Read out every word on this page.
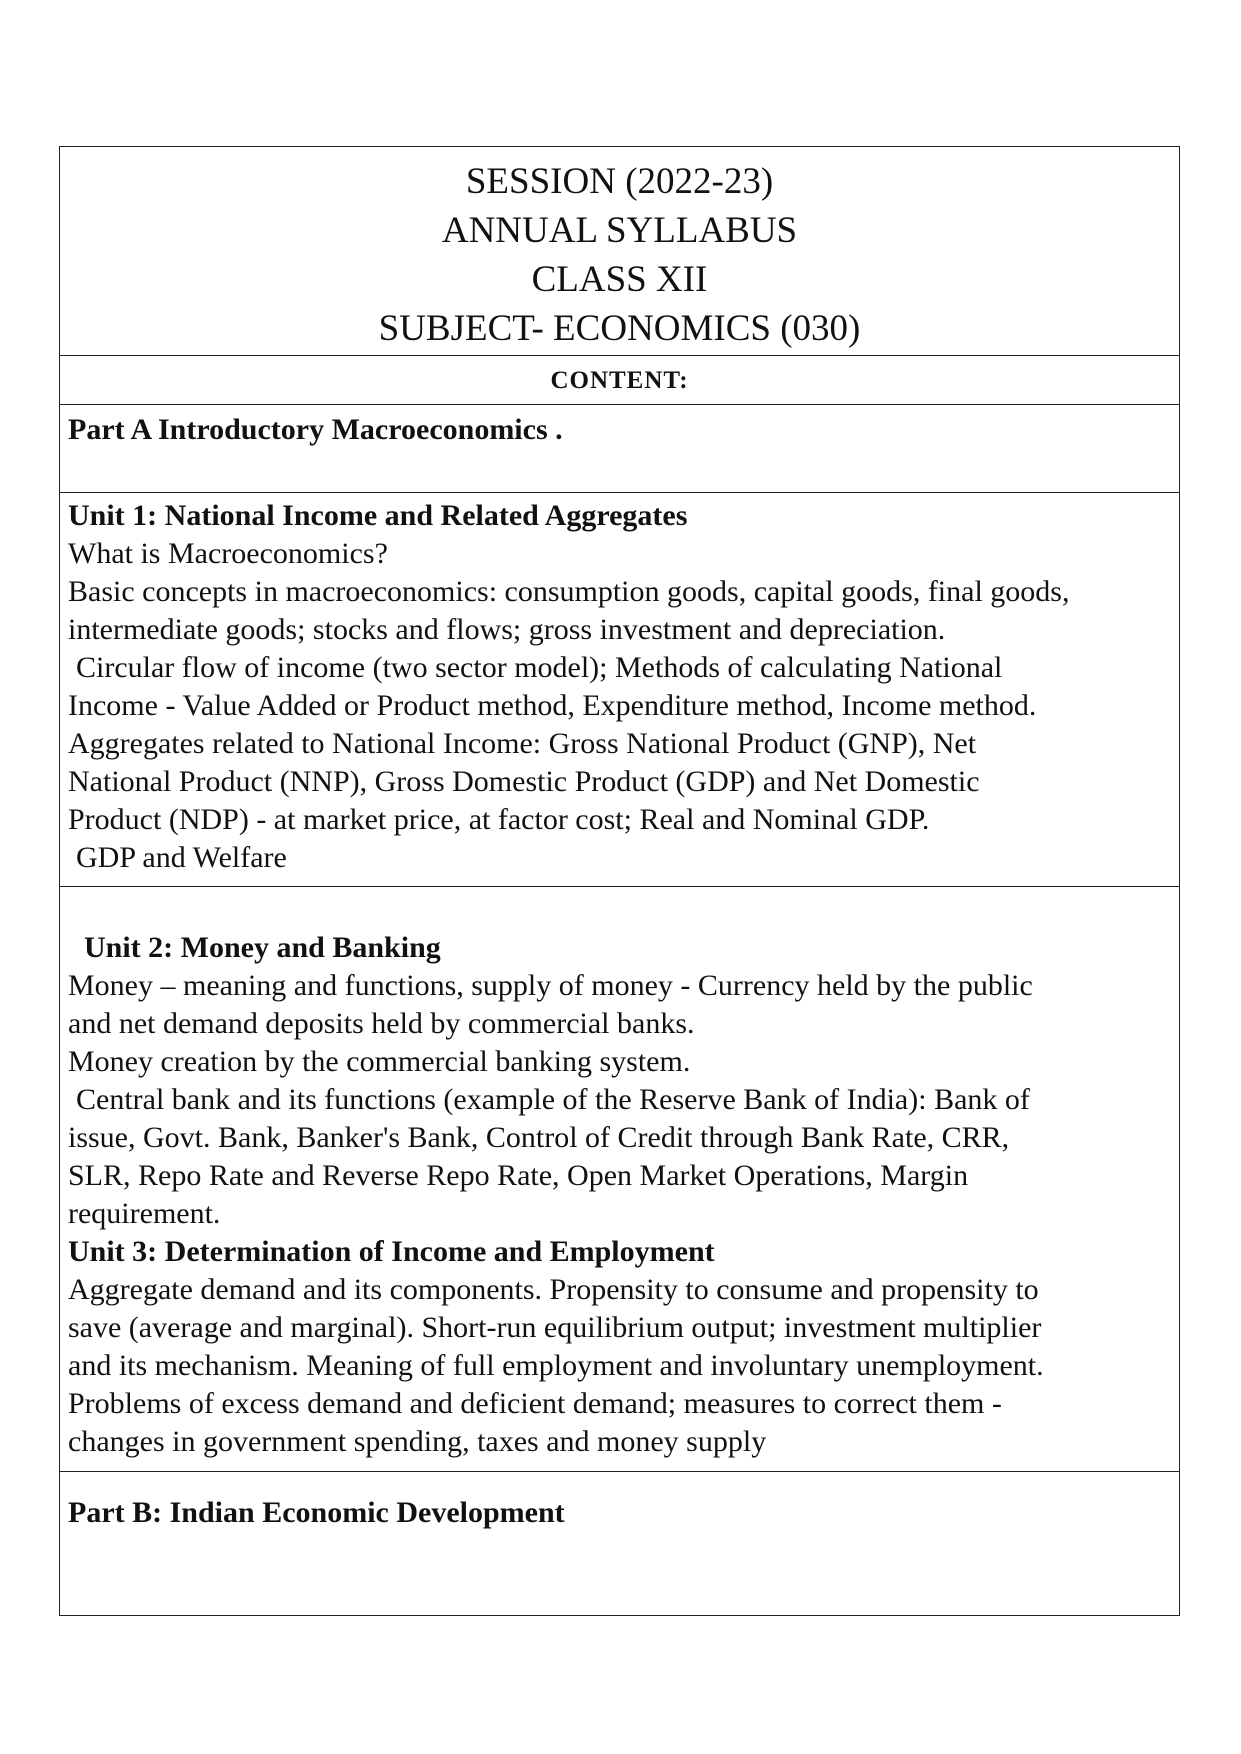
SESSION (2022-23)

ANNUAL SYLLABUS

CLASS XII

SUBJECT- ECONOMICS (030)

CONTENT:

Part A Introductory Macroeconomics .

Unit 1: National Income and Related Aggregates

What is Macroeconomics?

Basic concepts in macroeconomics: consumption goods, capital goods, final goods,

intermediate goods; stocks and flows; gross investment and depreciation.

Circular flow of income (two sector model); Methods of calculating National

Income - Value Added or Product method, Expenditure method, Income method.

Aggregates related to National Income: Gross National Product (GNP), Net

National Product (NNP), Gross Domestic Product (GDP) and Net Domestic

Product (NDP) - at market price, at factor cost; Real and Nominal GDP.

GDP and Welfare

Unit 2: Money and Banking

Money – meaning and functions, supply of money - Currency held by the public

and net demand deposits held by commercial banks.

Money creation by the commercial banking system.

Central bank and its functions (example of the Reserve Bank of India): Bank of

issue, Govt. Bank, Banker's Bank, Control of Credit through Bank Rate, CRR,

SLR, Repo Rate and Reverse Repo Rate, Open Market Operations, Margin

requirement.

Unit 3: Determination of Income and Employment

Aggregate demand and its components. Propensity to consume and propensity to

save (average and marginal). Short-run equilibrium output; investment multiplier

and its mechanism. Meaning of full employment and involuntary unemployment.

Problems of excess demand and deficient demand; measures to correct them -

changes in government spending, taxes and money supply

Part B: Indian Economic Development
